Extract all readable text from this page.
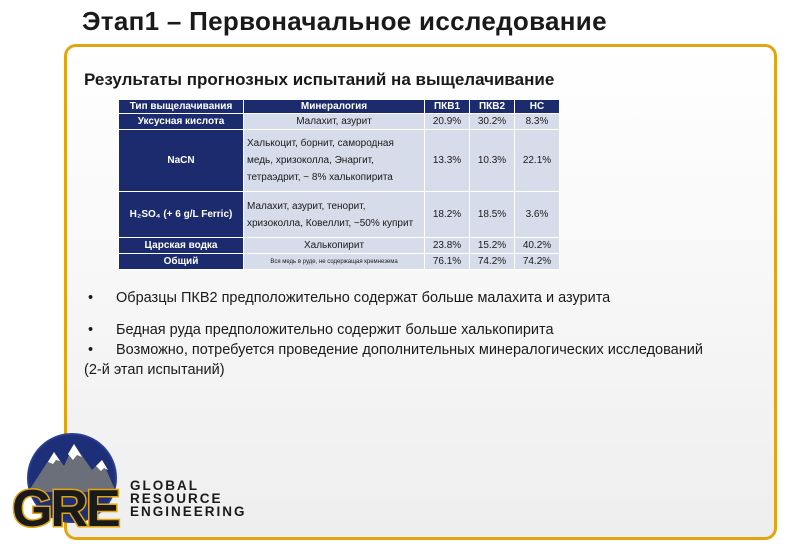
Этап1 – Первоначальное исследование
Результаты прогнозных испытаний на выщелачивание
Тип выщелачивания	Минералогия	ПКВ1	ПКВ2	НС
Уксусная кислота	Малахит, азурит	20.9%	30.2%	8.3%
NaCN	Халькоцит, борнит, самородная медь, хризоколла, Энаргит, тетраэдрит, ~ 8% халькопирита	13.3%	10.3%	22.1%
H₂SO₄ (+ 6 g/L Ferric)	Малахит, азурит, тенорит, хризоколла, Ковеллит, ~50% куприт	18.2%	18.5%	3.6%
Царская водка	Халькопирит	23.8%	15.2%	40.2%
Общий	Вся медь в руде, не содержащая кремнезема	76.1%	74.2%	74.2%
•	Образцы ПКВ2 предположительно содержат больше малахита и азурита
•	Бедная руда предположительно содержит больше халькопирита
•	Возможно, потребуется проведение дополнительных минералогических исследований
(2-й этап испытаний)
GRE GLOBAL
RESOURCE
ENGINEERING
